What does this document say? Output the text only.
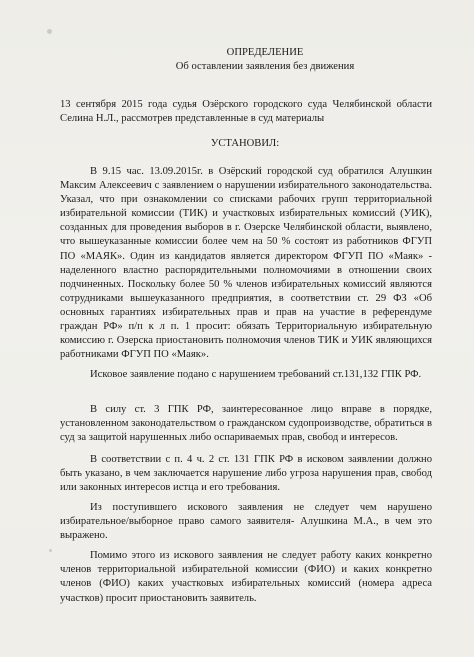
ОПРЕДЕЛЕНИЕ
Об оставлении заявления без движения
13 сентября 2015 года судья Озёрского городского суда Челябинской области Селина Н.Л., рассмотрев представленные в суд материалы
УСТАНОВИЛ:
В 9.15 час. 13.09.2015г. в Озёрский городской суд обратился Алушкин Максим Алексеевич с заявлением о нарушении избирательного законодательства. Указал, что при ознакомлении со списками рабочих групп территориальной избирательной комиссии (ТИК) и участковых избирательных комиссий (УИК), созданных для проведения выборов в г. Озерске Челябинской области, выявлено, что вышеуказанные комиссии более чем на 50 % состоят из работников ФГУП ПО «МАЯК». Один из кандидатов является директором ФГУП ПО «Маяк» - наделенного властно распорядительными полномочиями в отношении своих подчиненных. Поскольку более 50 % членов избирательных комиссий являются сотрудниками вышеуказанного предприятия, в соответствии ст. 29 ФЗ «Об основных гарантиях избирательных прав и прав на участие в референдуме граждан РФ» п/п к л п. 1 просит: обязать Территориальную избирательную комиссию г. Озерска приостановить полномочия членов ТИК и УИК являющихся работниками ФГУП ПО «Маяк».
Исковое заявление подано с нарушением требований ст.131,132 ГПК РФ.
В силу ст. 3 ГПК РФ, заинтересованное лицо вправе в порядке, установленном законодательством о гражданском судопроизводстве, обратиться в суд за защитой нарушенных либо оспариваемых прав, свобод и интересов.
В соответствии с п. 4 ч. 2 ст. 131 ГПК РФ в исковом заявлении должно быть указано, в чем заключается нарушение либо угроза нарушения прав, свобод или законных интересов истца и его требования.
Из поступившего искового заявления не следует чем нарушено избирательное/выборное право самого заявителя- Алушкина М.А., в чем это выражено.
Помимо этого из искового заявления не следует работу каких конкретно членов территориальной избирательной комиссии (ФИО) и каких конкретно членов (ФИО) каких участковых избирательных комиссий (номера адреса участков) просит приостановить заявитель.
